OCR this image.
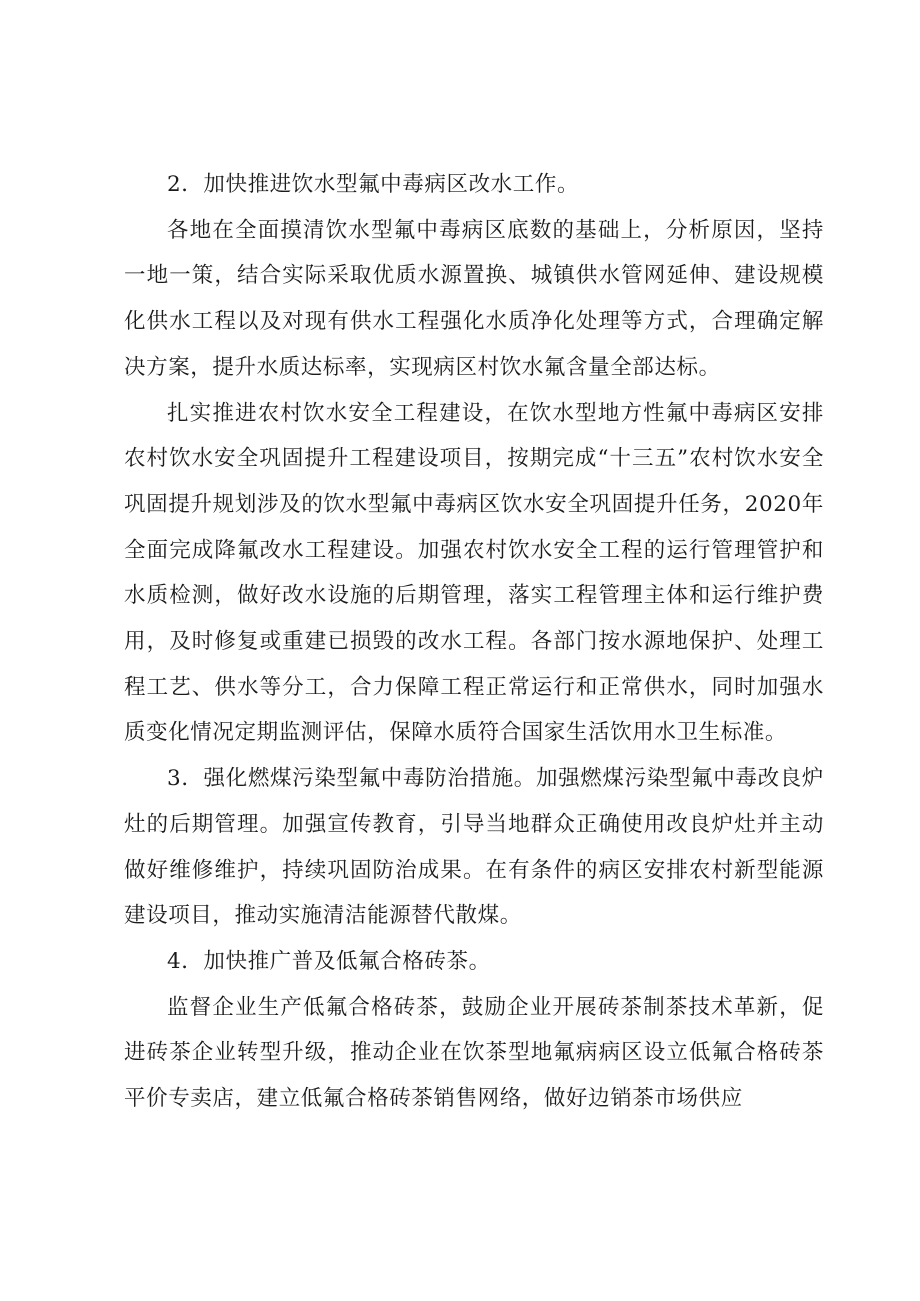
2．加快推进饮水型氟中毒病区改水工作。

各地在全面摸清饮水型氟中毒病区底数的基础上，分析原因，坚持一地一策，结合实际采取优质水源置换、城镇供水管网延伸、建设规模化供水工程以及对现有供水工程强化水质净化处理等方式，合理确定解决方案，提升水质达标率，实现病区村饮水氟含量全部达标。

扎实推进农村饮水安全工程建设，在饮水型地方性氟中毒病区安排农村饮水安全巩固提升工程建设项目，按期完成“十三五”农村饮水安全巩固提升规划涉及的饮水型氟中毒病区饮水安全巩固提升任务，2020年全面完成降氟改水工程建设。加强农村饮水安全工程的运行管理管护和水质检测，做好改水设施的后期管理，落实工程管理主体和运行维护费用，及时修复或重建已损毁的改水工程。各部门按水源地保护、处理工程工艺、供水等分工，合力保障工程正常运行和正常供水，同时加强水质变化情况定期监测评估，保障水质符合国家生活饮用水卫生标准。

3．强化燃煤污染型氟中毒防治措施。加强燃煤污染型氟中毒改良炉灶的后期管理。加强宣传教育，引导当地群众正确使用改良炉灶并主动做好维修维护，持续巩固防治成果。在有条件的病区安排农村新型能源建设项目，推动实施清洁能源替代散煤。

4．加快推广普及低氟合格砖茶。

监督企业生产低氟合格砖茶，鼓励企业开展砖茶制茶技术革新，促进砖茶企业转型升级，推动企业在饮茶型地氟病病区设立低氟合格砖茶平价专卖店，建立低氟合格砖茶销售网络，做好边销茶市场供应
